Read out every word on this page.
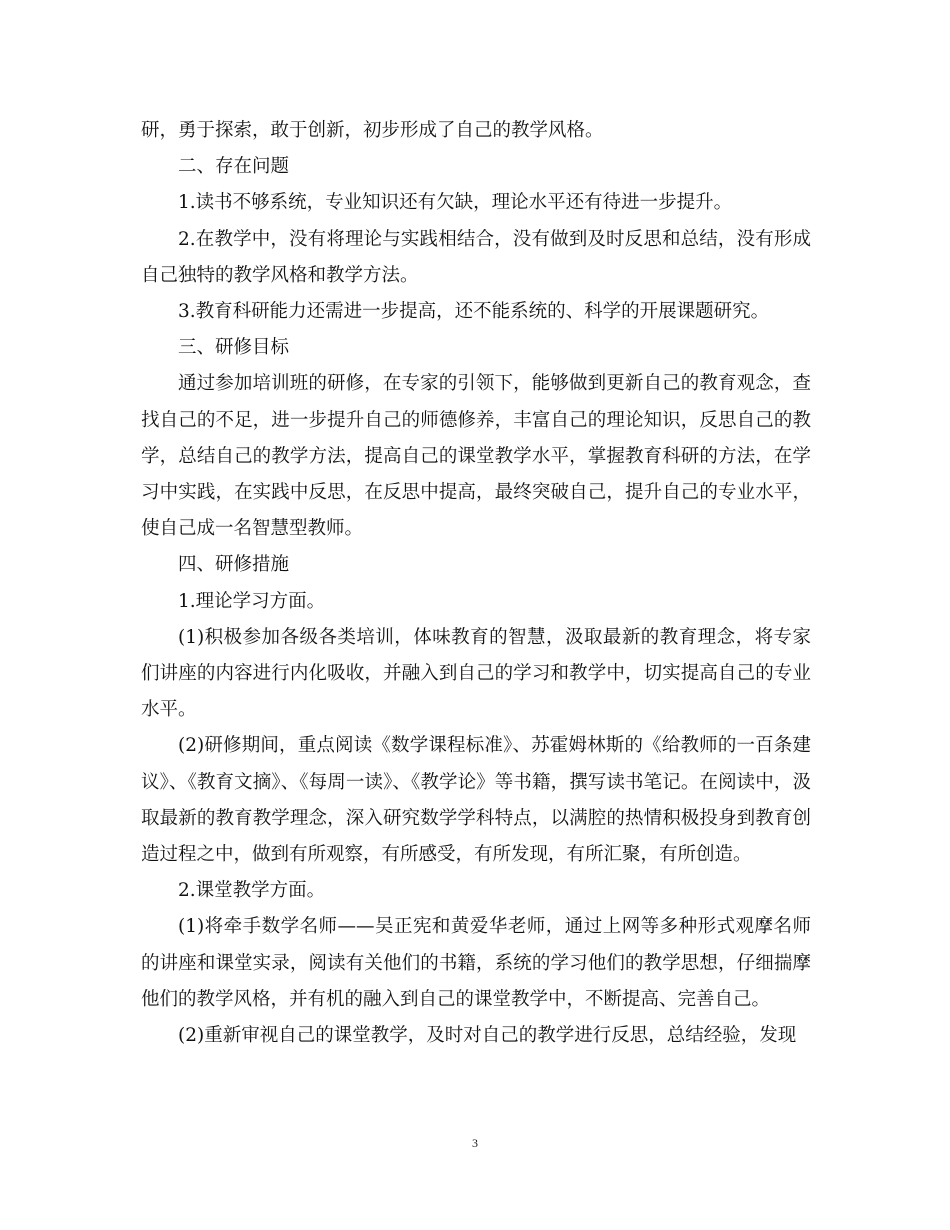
研，勇于探索，敢于创新，初步形成了自己的教学风格。

二、存在问题

1.读书不够系统，专业知识还有欠缺，理论水平还有待进一步提升。

2.在教学中，没有将理论与实践相结合，没有做到及时反思和总结，没有形成自己独特的教学风格和教学方法。

3.教育科研能力还需进一步提高，还不能系统的、科学的开展课题研究。

三、研修目标

通过参加培训班的研修，在专家的引领下，能够做到更新自己的教育观念，查找自己的不足，进一步提升自己的师德修养，丰富自己的理论知识，反思自己的教学，总结自己的教学方法，提高自己的课堂教学水平，掌握教育科研的方法，在学习中实践，在实践中反思，在反思中提高，最终突破自己，提升自己的专业水平，使自己成一名智慧型教师。

四、研修措施

1.理论学习方面。

(1)积极参加各级各类培训，体味教育的智慧，汲取最新的教育理念，将专家们讲座的内容进行内化吸收，并融入到自己的学习和教学中，切实提高自己的专业水平。

(2)研修期间，重点阅读《数学课程标准》、苏霍姆林斯的《给教师的一百条建议》、《教育文摘》、《每周一读》、《教学论》等书籍，撰写读书笔记。在阅读中，汲取最新的教育教学理念，深入研究数学学科特点，以满腔的热情积极投身到教育创造过程之中，做到有所观察，有所感受，有所发现，有所汇聚，有所创造。

2.课堂教学方面。

(1)将牵手数学名师——吴正宪和黄爱华老师，通过上网等多种形式观摩名师的讲座和课堂实录，阅读有关他们的书籍，系统的学习他们的教学思想，仔细揣摩他们的教学风格，并有机的融入到自己的课堂教学中，不断提高、完善自己。

(2)重新审视自己的课堂教学，及时对自己的教学进行反思，总结经验，发现

3
